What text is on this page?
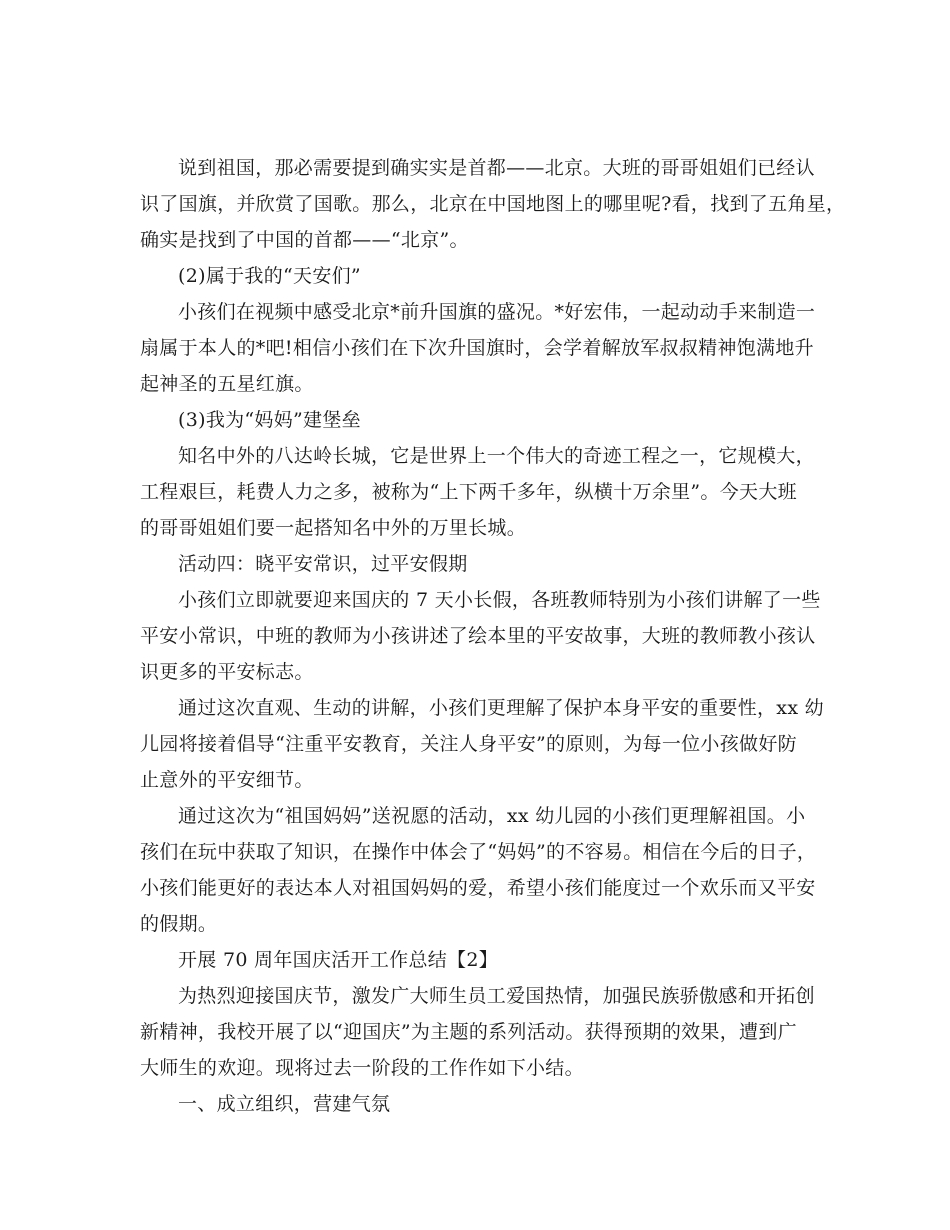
说到祖国，那必需要提到确实实是首都——北京。大班的哥哥姐姐们已经认
识了国旗，并欣赏了国歌。那么，北京在中国地图上的哪里呢?看，找到了五角星，
确实是找到了中国的首都——“北京”。
(2)属于我的“天安们”
小孩们在视频中感受北京*前升国旗的盛况。*好宏伟，一起动动手来制造一
扇属于本人的*吧!相信小孩们在下次升国旗时，会学着解放军叔叔精神饱满地升
起神圣的五星红旗。
(3)我为“妈妈”建堡垒
知名中外的八达岭长城，它是世界上一个伟大的奇迹工程之一，它规模大，
工程艰巨，耗费人力之多，被称为“上下两千多年，纵横十万余里”。今天大班
的哥哥姐姐们要一起搭知名中外的万里长城。
活动四：晓平安常识，过平安假期
小孩们立即就要迎来国庆的 7 天小长假，各班教师特别为小孩们讲解了一些
平安小常识，中班的教师为小孩讲述了绘本里的平安故事，大班的教师教小孩认
识更多的平安标志。
通过这次直观、生动的讲解，小孩们更理解了保护本身平安的重要性，xx 幼
儿园将接着倡导“注重平安教育，关注人身平安”的原则，为每一位小孩做好防
止意外的平安细节。
通过这次为“祖国妈妈”送祝愿的活动，xx 幼儿园的小孩们更理解祖国。小
孩们在玩中获取了知识，在操作中体会了“妈妈”的不容易。相信在今后的日子，
小孩们能更好的表达本人对祖国妈妈的爱，希望小孩们能度过一个欢乐而又平安
的假期。
开展 70 周年国庆活开工作总结【2】
为热烈迎接国庆节，激发广大师生员工爱国热情，加强民族骄傲感和开拓创
新精神，我校开展了以“迎国庆”为主题的系列活动。获得预期的效果，遭到广
大师生的欢迎。现将过去一阶段的工作作如下小结。
一、成立组织，营建气氛
